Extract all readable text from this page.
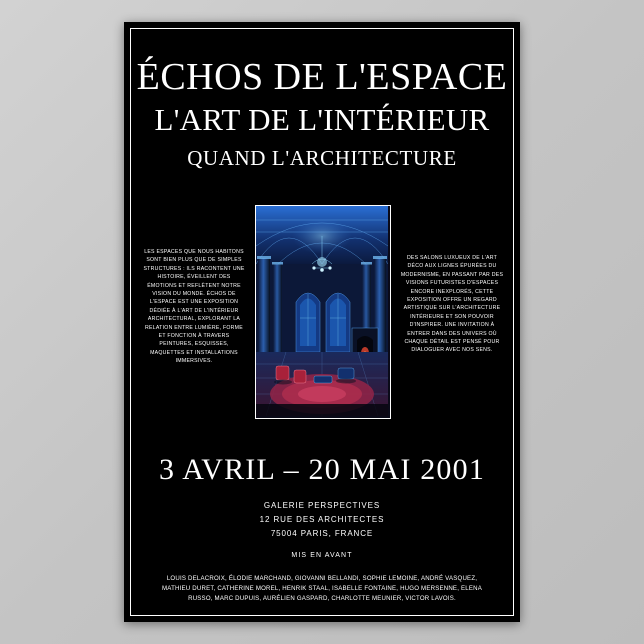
ÉCHOS DE L'ESPACE
L'ART DE L'INTÉRIEUR
QUAND L'ARCHITECTURE
LES ESPACES QUE NOUS HABITONS SONT BIEN PLUS QUE DE SIMPLES STRUCTURES : ILS RACONTENT UNE HISTOIRE, ÉVEILLENT DES ÉMOTIONS ET REFLÈTENT NOTRE VISION DU MONDE. ÉCHOS DE L'ESPACE EST UNE EXPOSITION DÉDIÉE À L'ART DE L'INTÉRIEUR ARCHITECTURAL, EXPLORANT LA RELATION ENTRE LUMIÈRE, FORME ET FONCTION À TRAVERS PEINTURES, ESQUISSES, MAQUETTES ET INSTALLATIONS IMMERSIVES.
DES SALONS LUXUEUX DE L'ART DÉCO AUX LIGNES ÉPURÉES DU MODERNISME, EN PASSANT PAR DES VISIONS FUTURISTES D'ESPACES ENCORE INEXPLORÉS, CETTE EXPOSITION OFFRE UN REGARD ARTISTIQUE SUR L'ARCHITECTURE INTÉRIEURE ET SON POUVOIR D'INSPIRER. UNE INVITATION À ENTRER DANS DES UNIVERS OÙ CHAQUE DÉTAIL EST PENSÉ POUR DIALOGUER AVEC NOS SENS.
3 AVRIL – 20 MAI 2001
GALERIE PERSPECTIVES
12 RUE DES ARCHITECTES
75004 PARIS, FRANCE
MIS EN AVANT
LOUIS DELACROIX, ÉLODIE MARCHAND, GIOVANNI BELLANDI, SOPHIE LEMOINE, ANDRÉ VASQUEZ, MATHIEU DURET, CATHERINE MOREL, HENRIK STAAL, ISABELLE FONTAINE, HUGO MERSENNE, ELENA RUSSO, MARC DUPUIS, AURÉLIEN GASPARD, CHARLOTTE MEUNIER, VICTOR LAVOIS.
